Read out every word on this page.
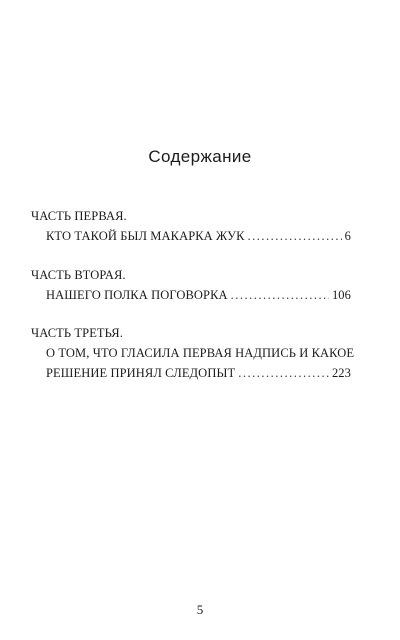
Содержание
ЧАСТЬ ПЕРВАЯ.
КТО ТАКОЙ БЫЛ МАКАРКА ЖУК .....	6
ЧАСТЬ ВТОРАЯ.
НАШЕГО ПОЛКА ПОГОВОРКА .....	106
ЧАСТЬ ТРЕТЬЯ.
О ТОМ, ЧТО ГЛАСИЛА ПЕРВАЯ НАДПИСЬ И КАКОЕ
РЕШЕНИЕ ПРИНЯЛ СЛЕДОПЫТ .....	223
5
